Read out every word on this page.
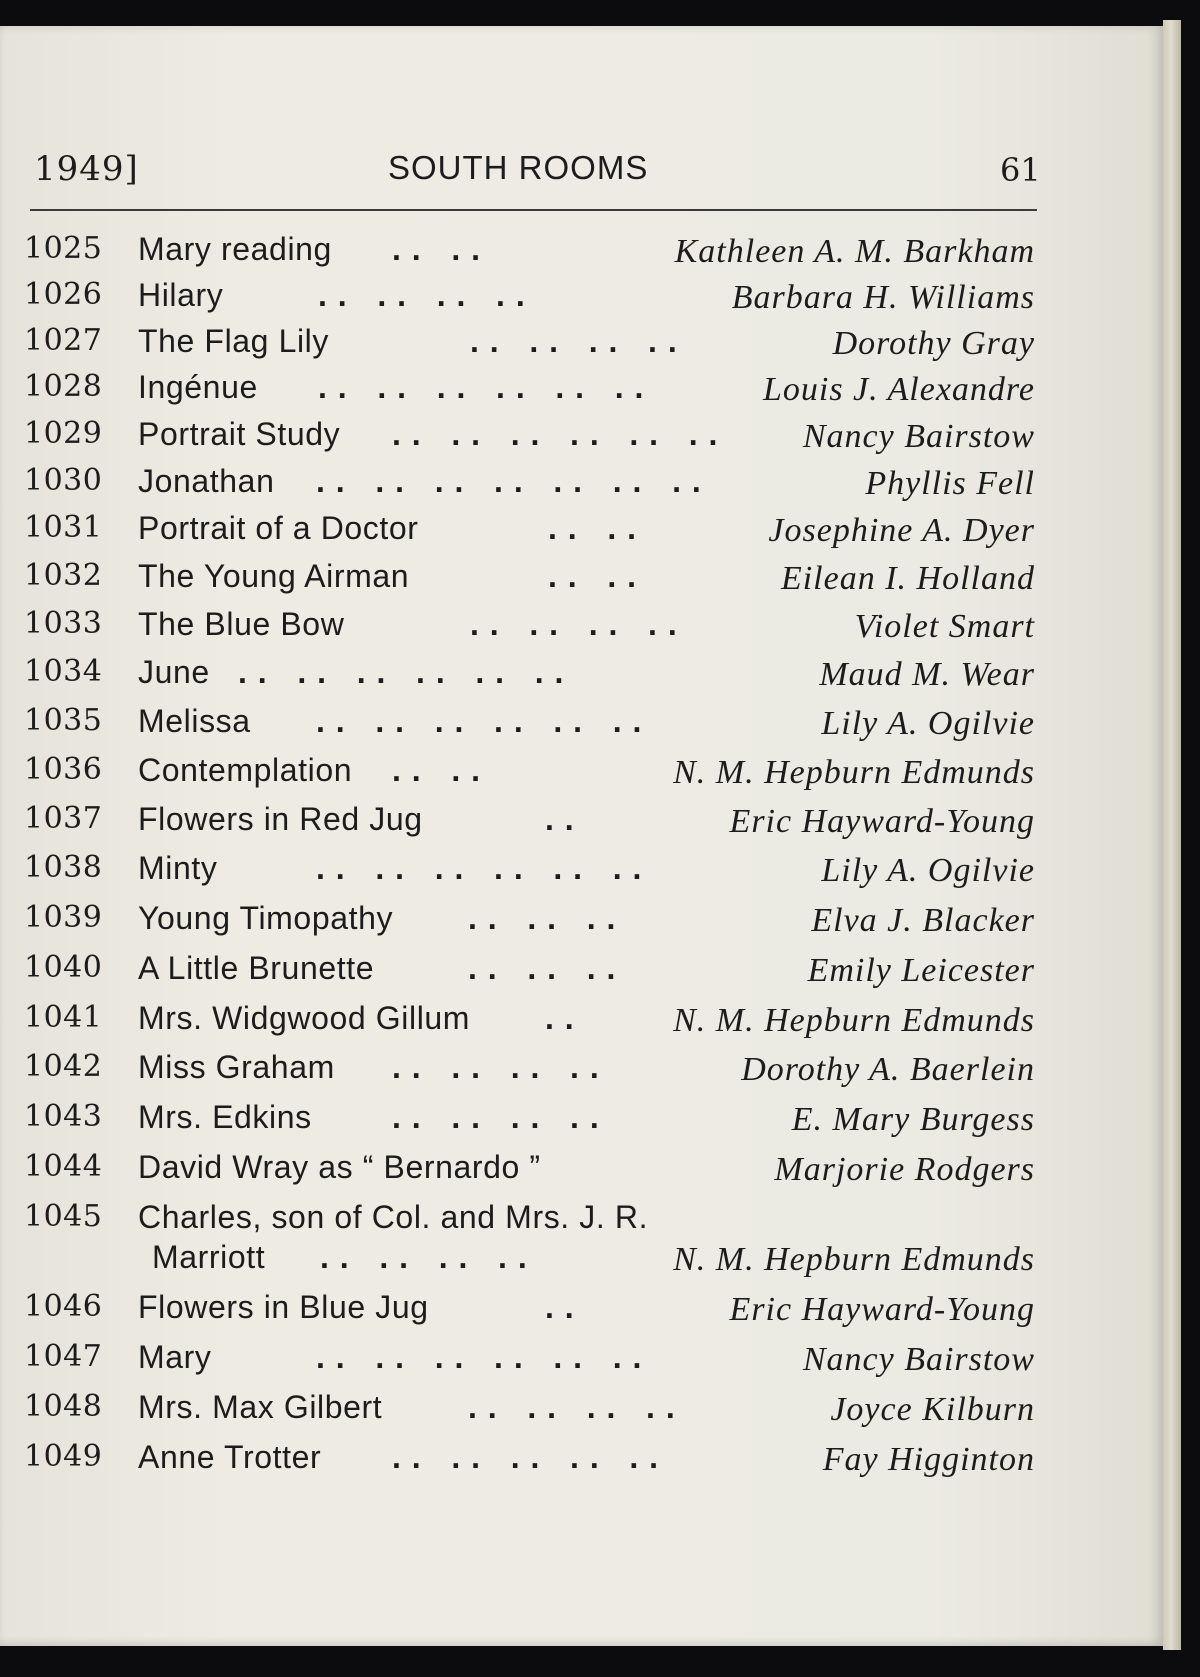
1949]	SOUTH ROOMS	61
1025	Mary reading . .   . .	Kathleen A. M. Barkham
1026	Hilary	. .   . .   . .   . .	Barbara H. Williams
1027	The Flag Lily	. .   . .   . .   . .	Dorothy Gray
1028	Ingénue . .   . .   . .   . .   . .   . .	Louis J. Alexandre
1029	Portrait Study . .   . .   . .   . .   . .   . . Nancy Bairstow
1030	Jonathan . .   . .   . .   . .   . .   . .   . .	Phyllis Fell
1031	Portrait of a Doctor	. .   . .	Josephine A. Dyer
1032	The Young Airman	. .   . .	Eilean I. Holland
1033	The Blue Bow	. .   . .   . .   . .	Violet Smart
1034	June . .   . .   . .   . .   . .   . .	Maud M. Wear
1035	Melissa . .   . .   . .   . .   . .   . .	Lily A. Ogilvie
1036	Contemplation . .   . .	N. M. Hepburn Edmunds
1037	Flowers in Red Jug	. .	Eric Hayward-Young
1038	Minty	. .   . .   . .   . .   . .   . .	Lily A. Ogilvie
1039	Young Timopathy . .   . .   . .	Elva J. Blacker
1040	A Little Brunette	. .   . .   . .	Emily Leicester
1041	Mrs. Widgwood Gillum . .	N. M. Hepburn Edmunds
1042	Miss Graham . .   . .   . .   . .	Dorothy A. Baerlein
1043	Mrs. Edkins	. .   . .   . .   . .	E. Mary Burgess
1044	David Wray as “ Bernardo ”	Marjorie Rodgers
1045	Charles, son of Col. and Mrs. J. R.
Marriott . .   . .   . .   . .	N. M. Hepburn Edmunds
1046	Flowers in Blue Jug	. .	Eric Hayward-Young
1047	Mary	. .   . .   . .   . .   . .   . .	Nancy Bairstow
1048	Mrs. Max Gilbert	. .   . .   . .   . .	Joyce Kilburn
1049	Anne Trotter . .   . .   . .   . .   . .	Fay Higginton
